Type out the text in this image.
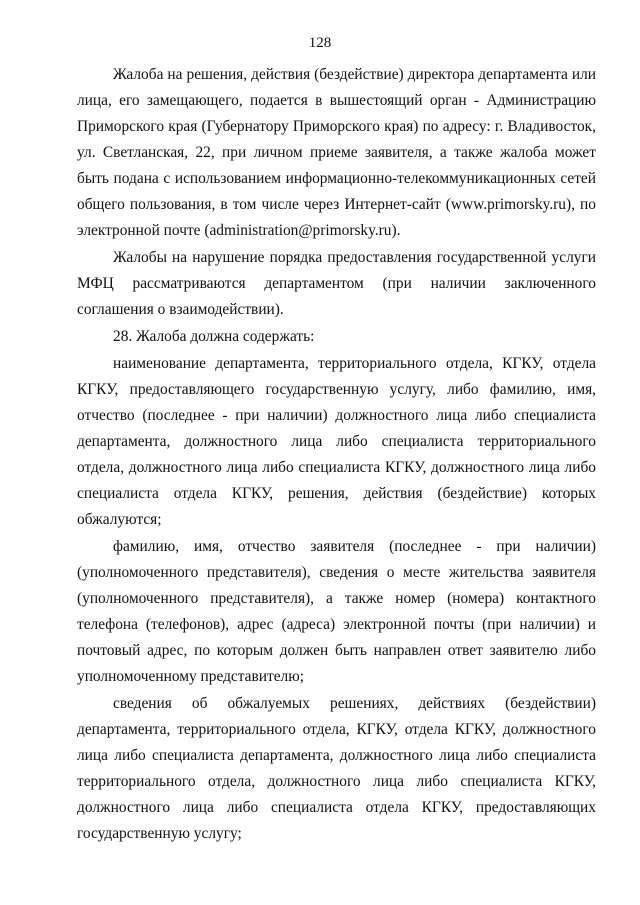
128

Жалоба на решения, действия (бездействие) директора департамента или лица, его замещающего, подается в вышестоящий орган - Администрацию Приморского края (Губернатору Приморского края) по адресу: г. Владивосток, ул. Светланская, 22, при личном приеме заявителя, а также жалоба может быть подана с использованием информационно-телекоммуникационных сетей общего пользования, в том числе через Интернет-сайт (www.primorsky.ru), по электронной почте (administration@primorsky.ru).

Жалобы на нарушение порядка предоставления государственной услуги МФЦ рассматриваются департаментом (при наличии заключенного соглашения о взаимодействии).

28. Жалоба должна содержать:

наименование департамента, территориального отдела, КГКУ, отдела КГКУ, предоставляющего государственную услугу, либо фамилию, имя, отчество (последнее - при наличии) должностного лица либо специалиста департамента, должностного лица либо специалиста территориального отдела, должностного лица либо специалиста КГКУ, должностного лица либо специалиста отдела КГКУ, решения, действия (бездействие) которых обжалуются;

фамилию, имя, отчество заявителя (последнее - при наличии) (уполномоченного представителя), сведения о месте жительства заявителя (уполномоченного представителя), а также номер (номера) контактного телефона (телефонов), адрес (адреса) электронной почты (при наличии) и почтовый адрес, по которым должен быть направлен ответ заявителю либо уполномоченному представителю;

сведения об обжалуемых решениях, действиях (бездействии) департамента, территориального отдела, КГКУ, отдела КГКУ, должностного лица либо специалиста департамента, должностного лица либо специалиста территориального отдела, должностного лица либо специалиста КГКУ, должностного лица либо специалиста отдела КГКУ, предоставляющих государственную услугу;
